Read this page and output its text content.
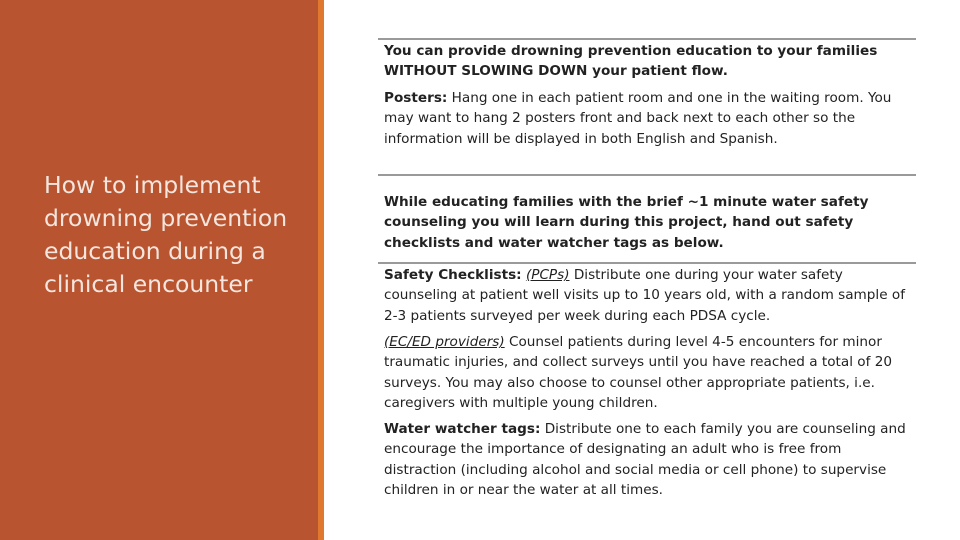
How to implement drowning prevention education during a clinical encounter
You can provide drowning prevention education to your families WITHOUT SLOWING DOWN your patient flow.
Posters: Hang one in each patient room and one in the waiting room. You may want to hang 2 posters front and back next to each other so the information will be displayed in both English and Spanish.
While educating families with the brief ~1 minute water safety counseling you will learn during this project, hand out safety checklists and water watcher tags as below.
Safety Checklists: (PCPs) Distribute one during your water safety counseling at patient well visits up to 10 years old, with a random sample of 2-3 patients surveyed per week during each PDSA cycle.
(EC/ED providers) Counsel patients during level 4-5 encounters for minor traumatic injuries, and collect surveys until you have reached a total of 20 surveys. You may also choose to counsel other appropriate patients, i.e. caregivers with multiple young children.
Water watcher tags: Distribute one to each family you are counseling and encourage the importance of designating an adult who is free from distraction (including alcohol and social media or cell phone) to supervise children in or near the water at all times.
